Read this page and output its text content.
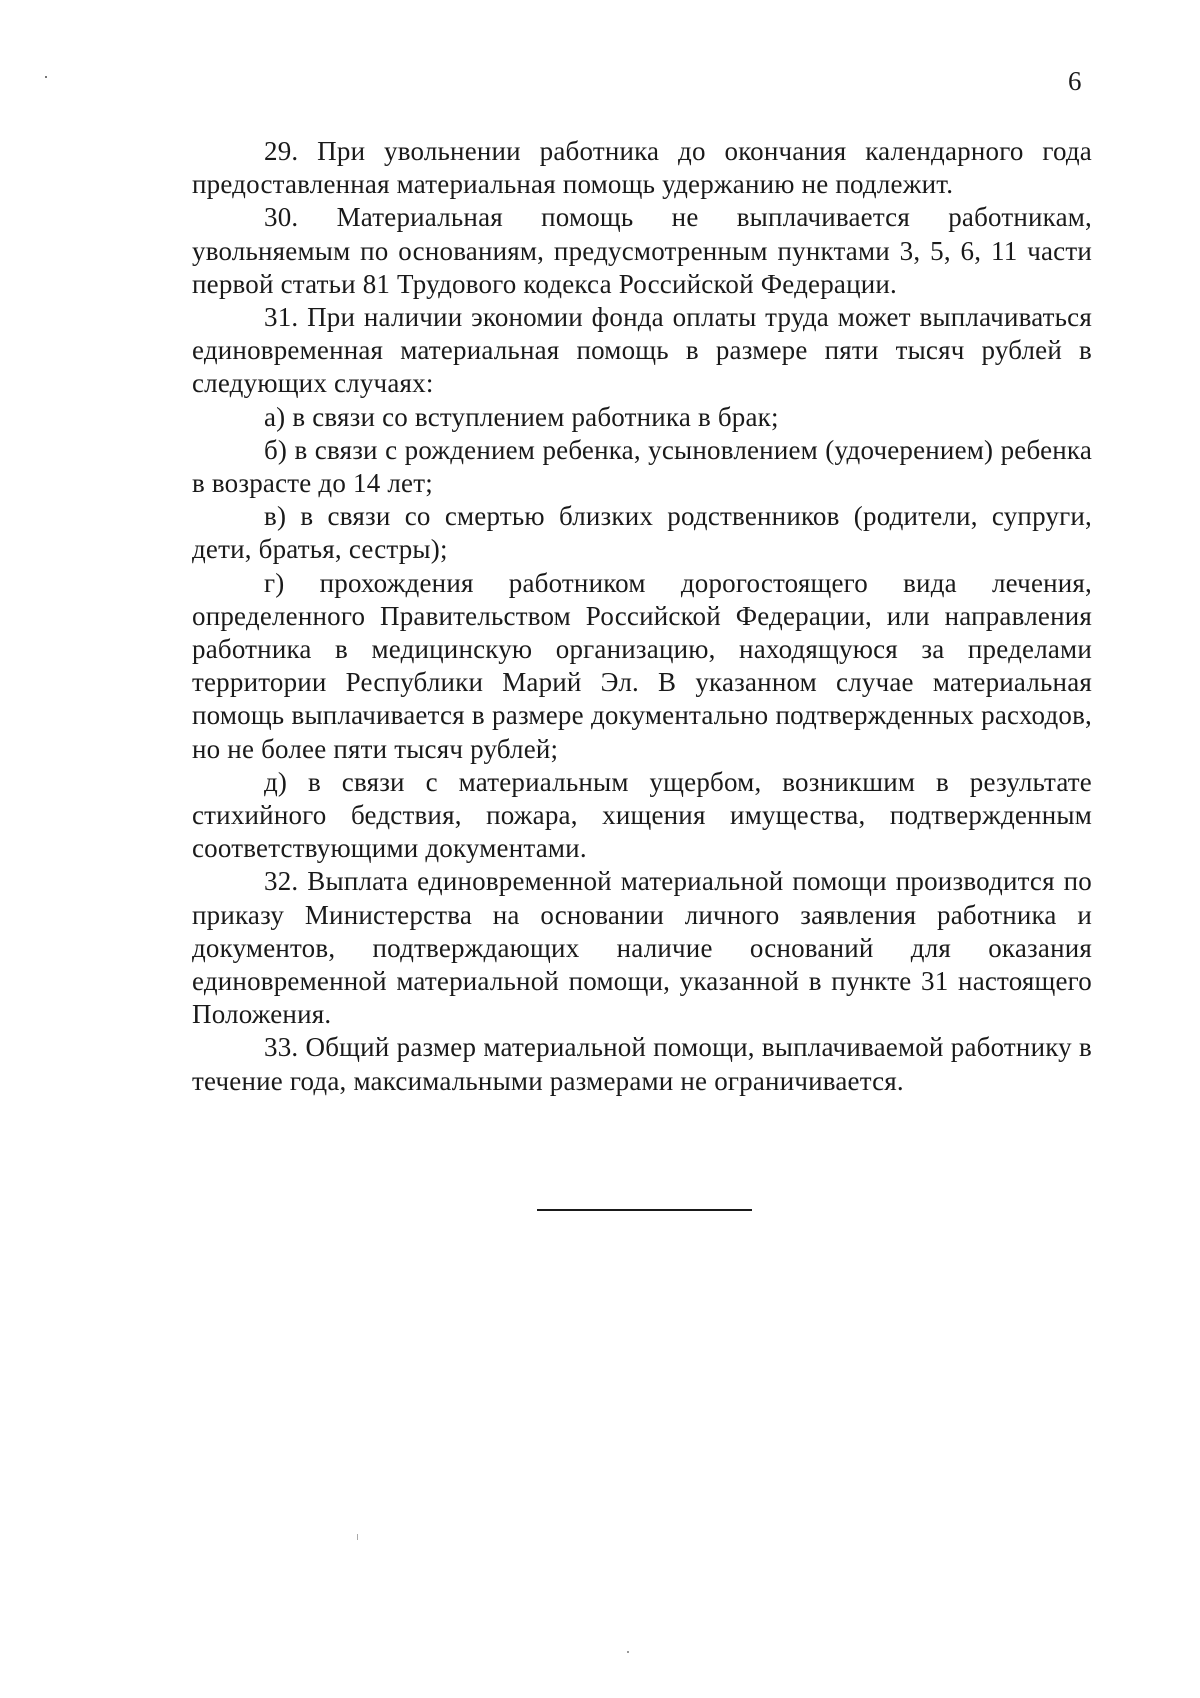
6

29. При увольнении работника до окончания календарного года предоставленная материальная помощь удержанию не подлежит.

30. Материальная помощь не выплачивается работникам, увольняемым по основаниям, предусмотренным пунктами 3, 5, 6, 11 части первой статьи 81 Трудового кодекса Российской Федерации.

31. При наличии экономии фонда оплаты труда может выплачиваться единовременная материальная помощь в размере пяти тысяч рублей в следующих случаях:

а) в связи со вступлением работника в брак;

б) в связи с рождением ребенка, усыновлением (удочерением) ребенка в возрасте до 14 лет;

в) в связи со смертью близких родственников (родители, супруги, дети, братья, сестры);

г) прохождения работником дорогостоящего вида лечения, определенного Правительством Российской Федерации, или направления работника в медицинскую организацию, находящуюся за пределами территории Республики Марий Эл. В указанном случае материальная помощь выплачивается в размере документально подтвержденных расходов, но не более пяти тысяч рублей;

д) в связи с материальным ущербом, возникшим в результате стихийного бедствия, пожара, хищения имущества, подтвержденным соответствующими документами.

32. Выплата единовременной материальной помощи производится по приказу Министерства на основании личного заявления работника и документов, подтверждающих наличие оснований для оказания единовременной материальной помощи, указанной в пункте 31 настоящего Положения.

33. Общий размер материальной помощи, выплачиваемой работнику в течение года, максимальными размерами не ограничивается.
